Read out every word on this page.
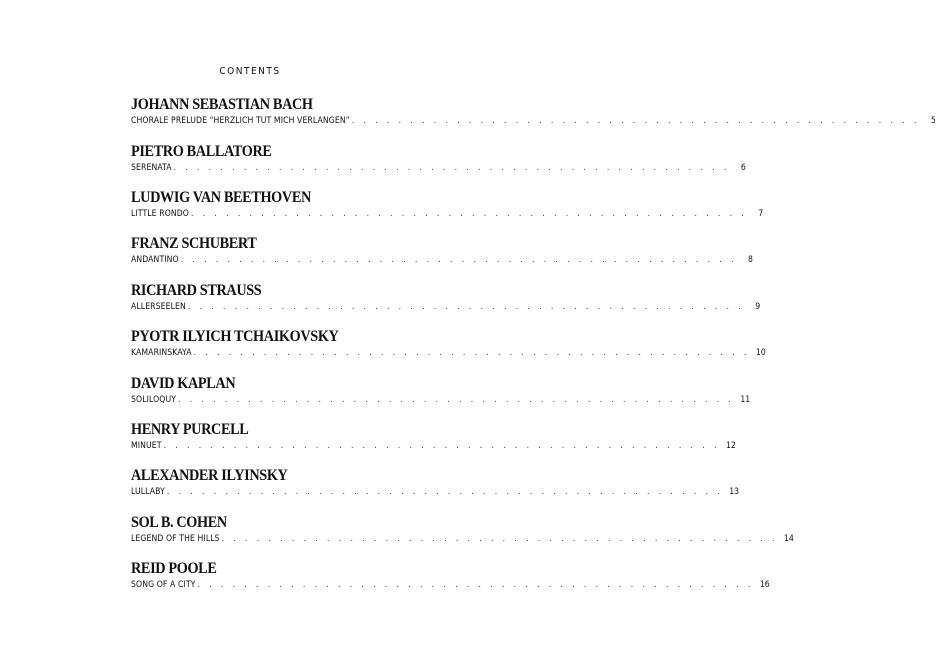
CONTENTS
JOHANN SEBASTIAN BACH
CHORALE PRELUDE “HERZLICH TUT MICH VERLANGEN” . . . . . . . . . . . . . . . . . . . . . . . . . . . . . . . . . . . . . . . . . . . . . . . . .	5
PIETRO BALLATORE
SERENATA . . . . . . . . . . . . . . . . . . . . . . . . . . . . . . . . . . . . . . . . . . . . . . . .	6
LUDWIG VAN BEETHOVEN
LITTLE RONDO . . . . . . . . . . . . . . . . . . . . . . . . . . . . . . . . . . . . . . . . . . . . . . . .	7
FRANZ SCHUBERT
ANDANTINO . . . . . . . . . . . . . . . . . . . . . . . . . . . . . . . . . . . . . . . . . . . . . . . .	8
RICHARD STRAUSS
ALLERSEELEN . . . . . . . . . . . . . . . . . . . . . . . . . . . . . . . . . . . . . . . . . . . . . . . .	9
PYOTR ILYICH TCHAIKOVSKY
KAMARINSKAYA . . . . . . . . . . . . . . . . . . . . . . . . . . . . . . . . . . . . . . . . . . . . . . . . 10
DAVID KAPLAN
SOLILOQUY . . . . . . . . . . . . . . . . . . . . . . . . . . . . . . . . . . . . . . . . . . . . . . . . 11
HENRY PURCELL
MINUET . . . . . . . . . . . . . . . . . . . . . . . . . . . . . . . . . . . . . . . . . . . . . . . . 12
ALEXANDER ILYINSKY
LULLABY . . . . . . . . . . . . . . . . . . . . . . . . . . . . . . . . . . . . . . . . . . . . . . . . 13
SOL B. COHEN
LEGEND OF THE HILLS . . . . . . . . . . . . . . . . . . . . . . . . . . . . . . . . . . . . . . . . . . . . . . . . 14
REID POOLE
SONG OF A CITY . . . . . . . . . . . . . . . . . . . . . . . . . . . . . . . . . . . . . . . . . . . . . . . . 16
